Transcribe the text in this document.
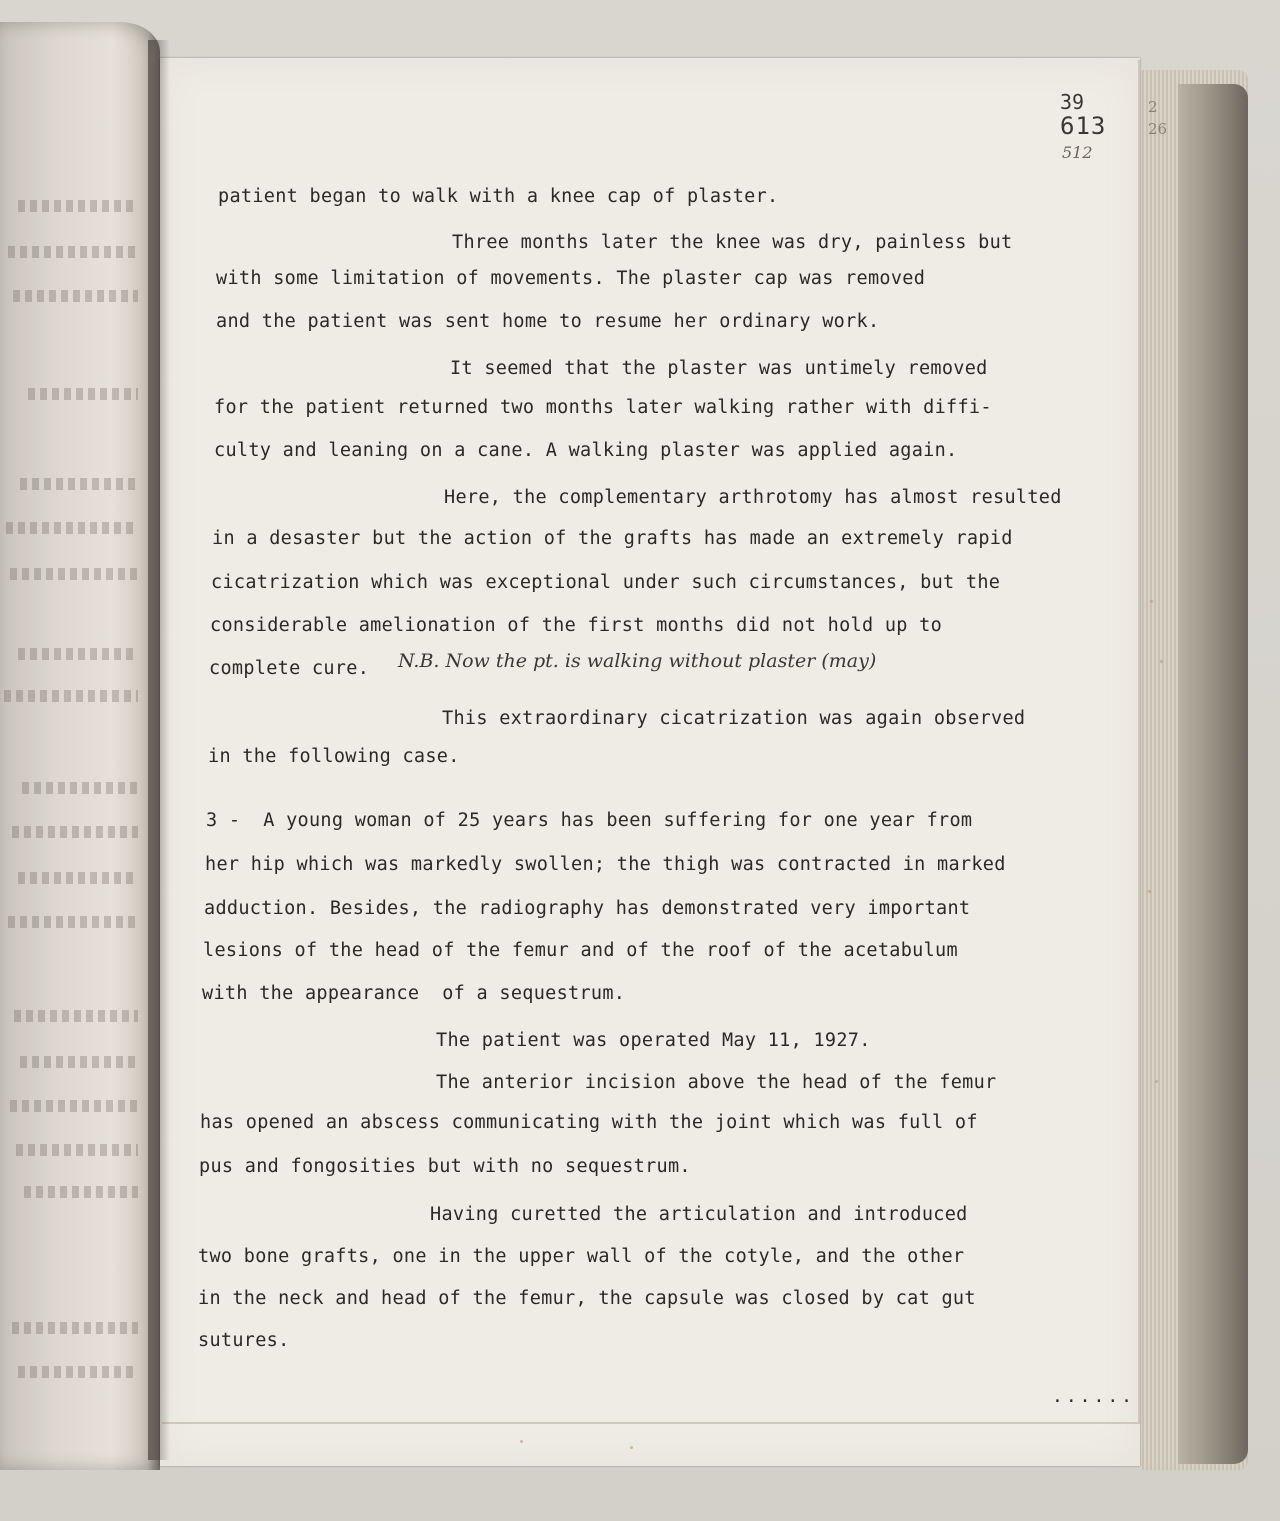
39
613
512
2
26
patient began to walk with a knee cap of plaster.
Three months later the knee was dry, painless but
with some limitation of movements. The plaster cap was removed
and the patient was sent home to resume her ordinary work.
It seemed that the plaster was untimely removed
for the patient returned two months later walking rather with diffi-
culty and leaning on a cane. A walking plaster was applied again.
Here, the complementary arthrotomy has almost resulted
in a desaster but the action of the grafts has made an extremely rapid
cicatrization which was exceptional under such circumstances, but the
considerable amelionation of the first months did not hold up to
complete cure. N.B. Now the pt. is walking without plaster (may)
This extraordinary cicatrization was again observed
in the following case.
3 -  A young woman of 25 years has been suffering for one year from
her hip which was markedly swollen; the thigh was contracted in marked
adduction. Besides, the radiography has demonstrated very important
lesions of the head of the femur and of the roof of the acetabulum
with the appearance  of a sequestrum.
The patient was operated May 11, 1927.
The anterior incision above the head of the femur
has opened an abscess communicating with the joint which was full of
pus and fongosities but with no sequestrum.
Having curetted the articulation and introduced
two bone grafts, one in the upper wall of the cotyle, and the other
in the neck and head of the femur, the capsule was closed by cat gut
sutures.
......
